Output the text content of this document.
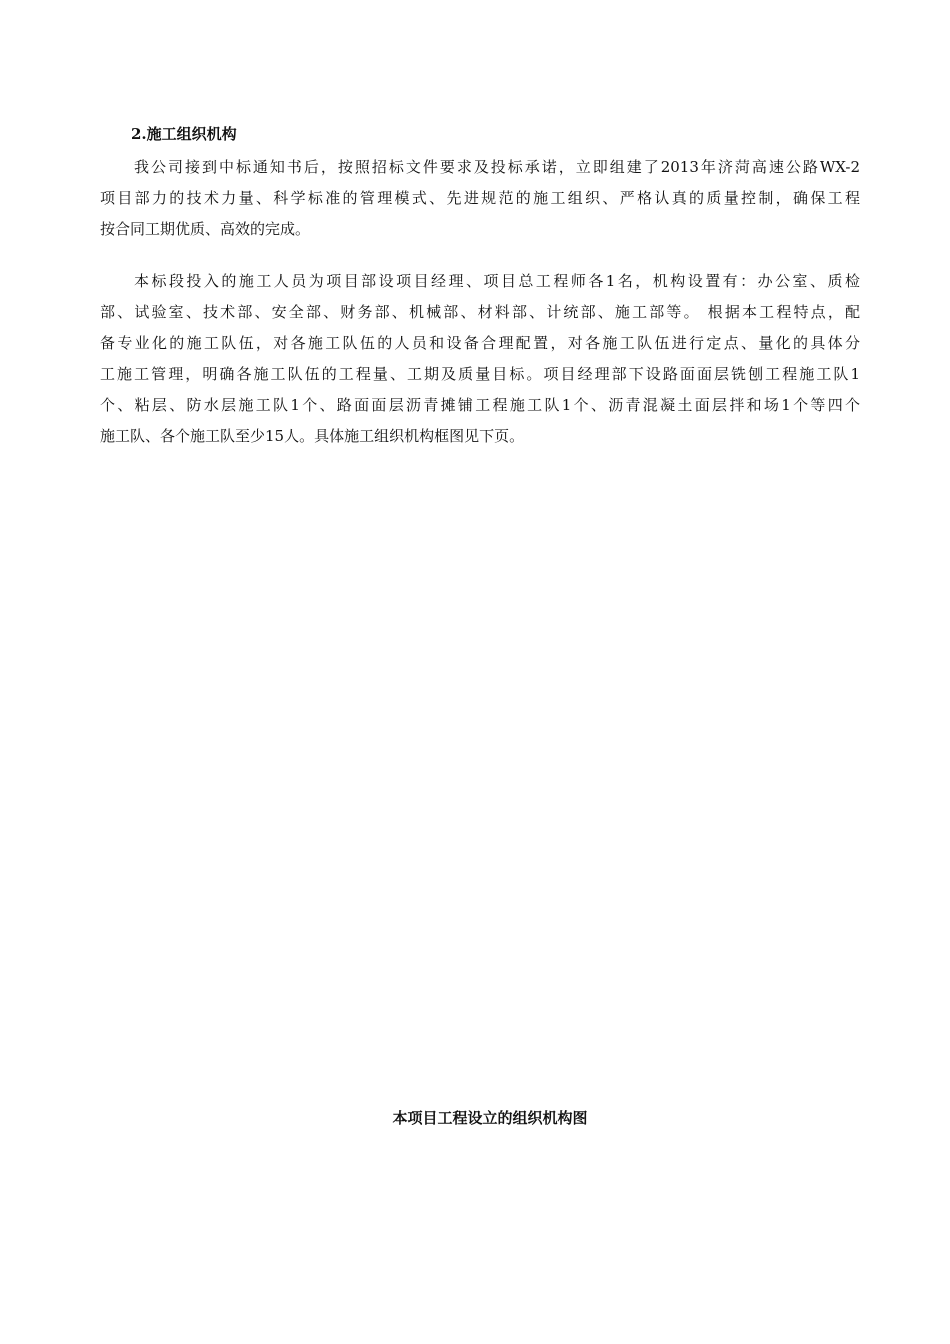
2.施工组织机构
我公司接到中标通知书后，按照招标文件要求及投标承诺，立即组建了2013年济菏高速公路WX-2
项目部力的技术力量、科学标准的管理模式、先进规范的施工组织、严格认真的质量控制，确保工程
按合同工期优质、高效的完成。
本标段投入的施工人员为项目部设项目经理、项目总工程师各1名，机构设置有：办公室、质检
部、试验室、技术部、安全部、财务部、机械部、材料部、计统部、施工部等。 根据本工程特点，配
备专业化的施工队伍，对各施工队伍的人员和设备合理配置，对各施工队伍进行定点、量化的具体分
工施工管理，明确各施工队伍的工程量、工期及质量目标。项目经理部下设路面面层铣刨工程施工队1
个、粘层、防水层施工队1个、路面面层沥青摊铺工程施工队1个、沥青混凝土面层拌和场1个等四个
施工队、各个施工队至少15人。具体施工组织机构框图见下页。
本项目工程设立的组织机构图
